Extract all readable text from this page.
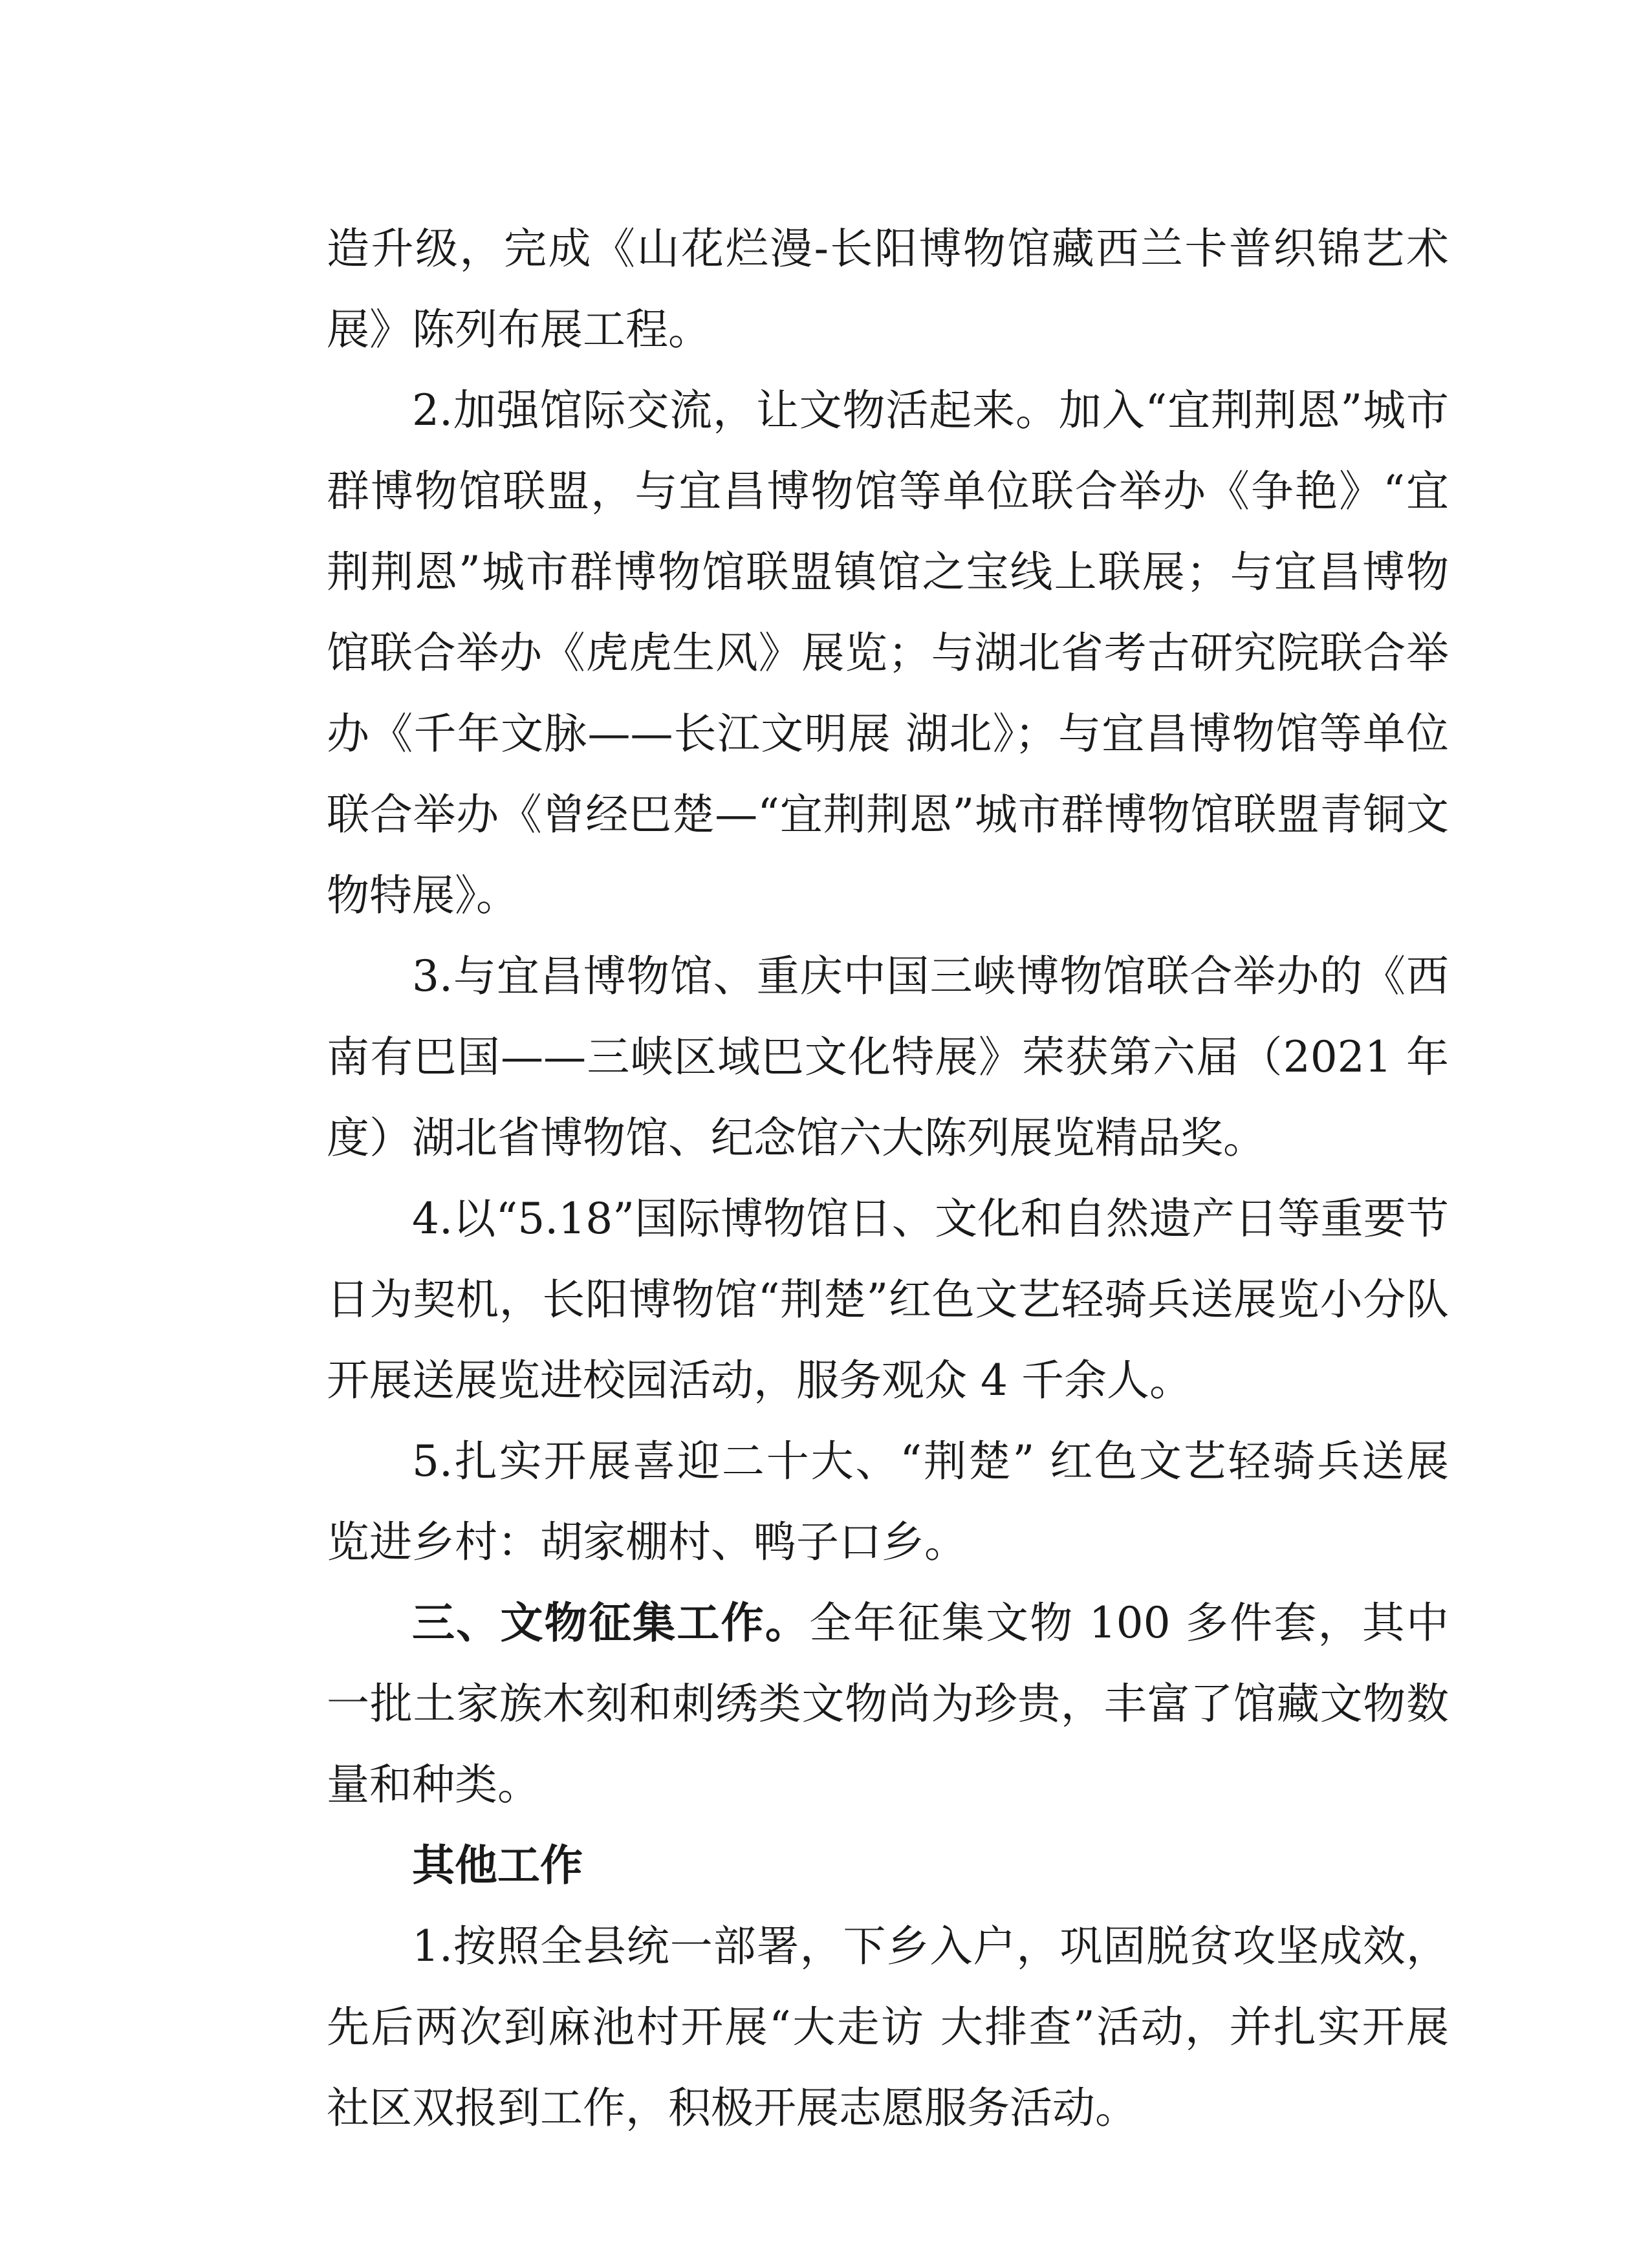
造升级，完成《山花烂漫-长阳博物馆藏西兰卡普织锦艺术展》陈列布展工程。

2.加强馆际交流，让文物活起来。加入“宜荆荆恩”城市群博物馆联盟，与宜昌博物馆等单位联合举办《争艳》“宜荆荆恩”城市群博物馆联盟镇馆之宝线上联展；与宜昌博物馆联合举办《虎虎生风》展览；与湖北省考古研究院联合举办《千年文脉——长江文明展 湖北》；与宜昌博物馆等单位联合举办《曾经巴楚—“宜荆荆恩”城市群博物馆联盟青铜文物特展》。

3.与宜昌博物馆、重庆中国三峡博物馆联合举办的《西南有巴国——三峡区域巴文化特展》荣获第六届（2021 年度）湖北省博物馆、纪念馆六大陈列展览精品奖。

4.以“5.18”国际博物馆日、文化和自然遗产日等重要节日为契机，长阳博物馆“荆楚”红色文艺轻骑兵送展览小分队开展送展览进校园活动，服务观众 4 千余人。

5.扎实开展喜迎二十大、“荆楚” 红色文艺轻骑兵送展览进乡村：胡家棚村、鸭子口乡。

三、文物征集工作。全年征集文物 100 多件套，其中一批土家族木刻和刺绣类文物尚为珍贵，丰富了馆藏文物数量和种类。

其他工作

1.按照全县统一部署，下乡入户，巩固脱贫攻坚成效，先后两次到麻池村开展“大走访 大排查”活动，并扎实开展社区双报到工作，积极开展志愿服务活动。
